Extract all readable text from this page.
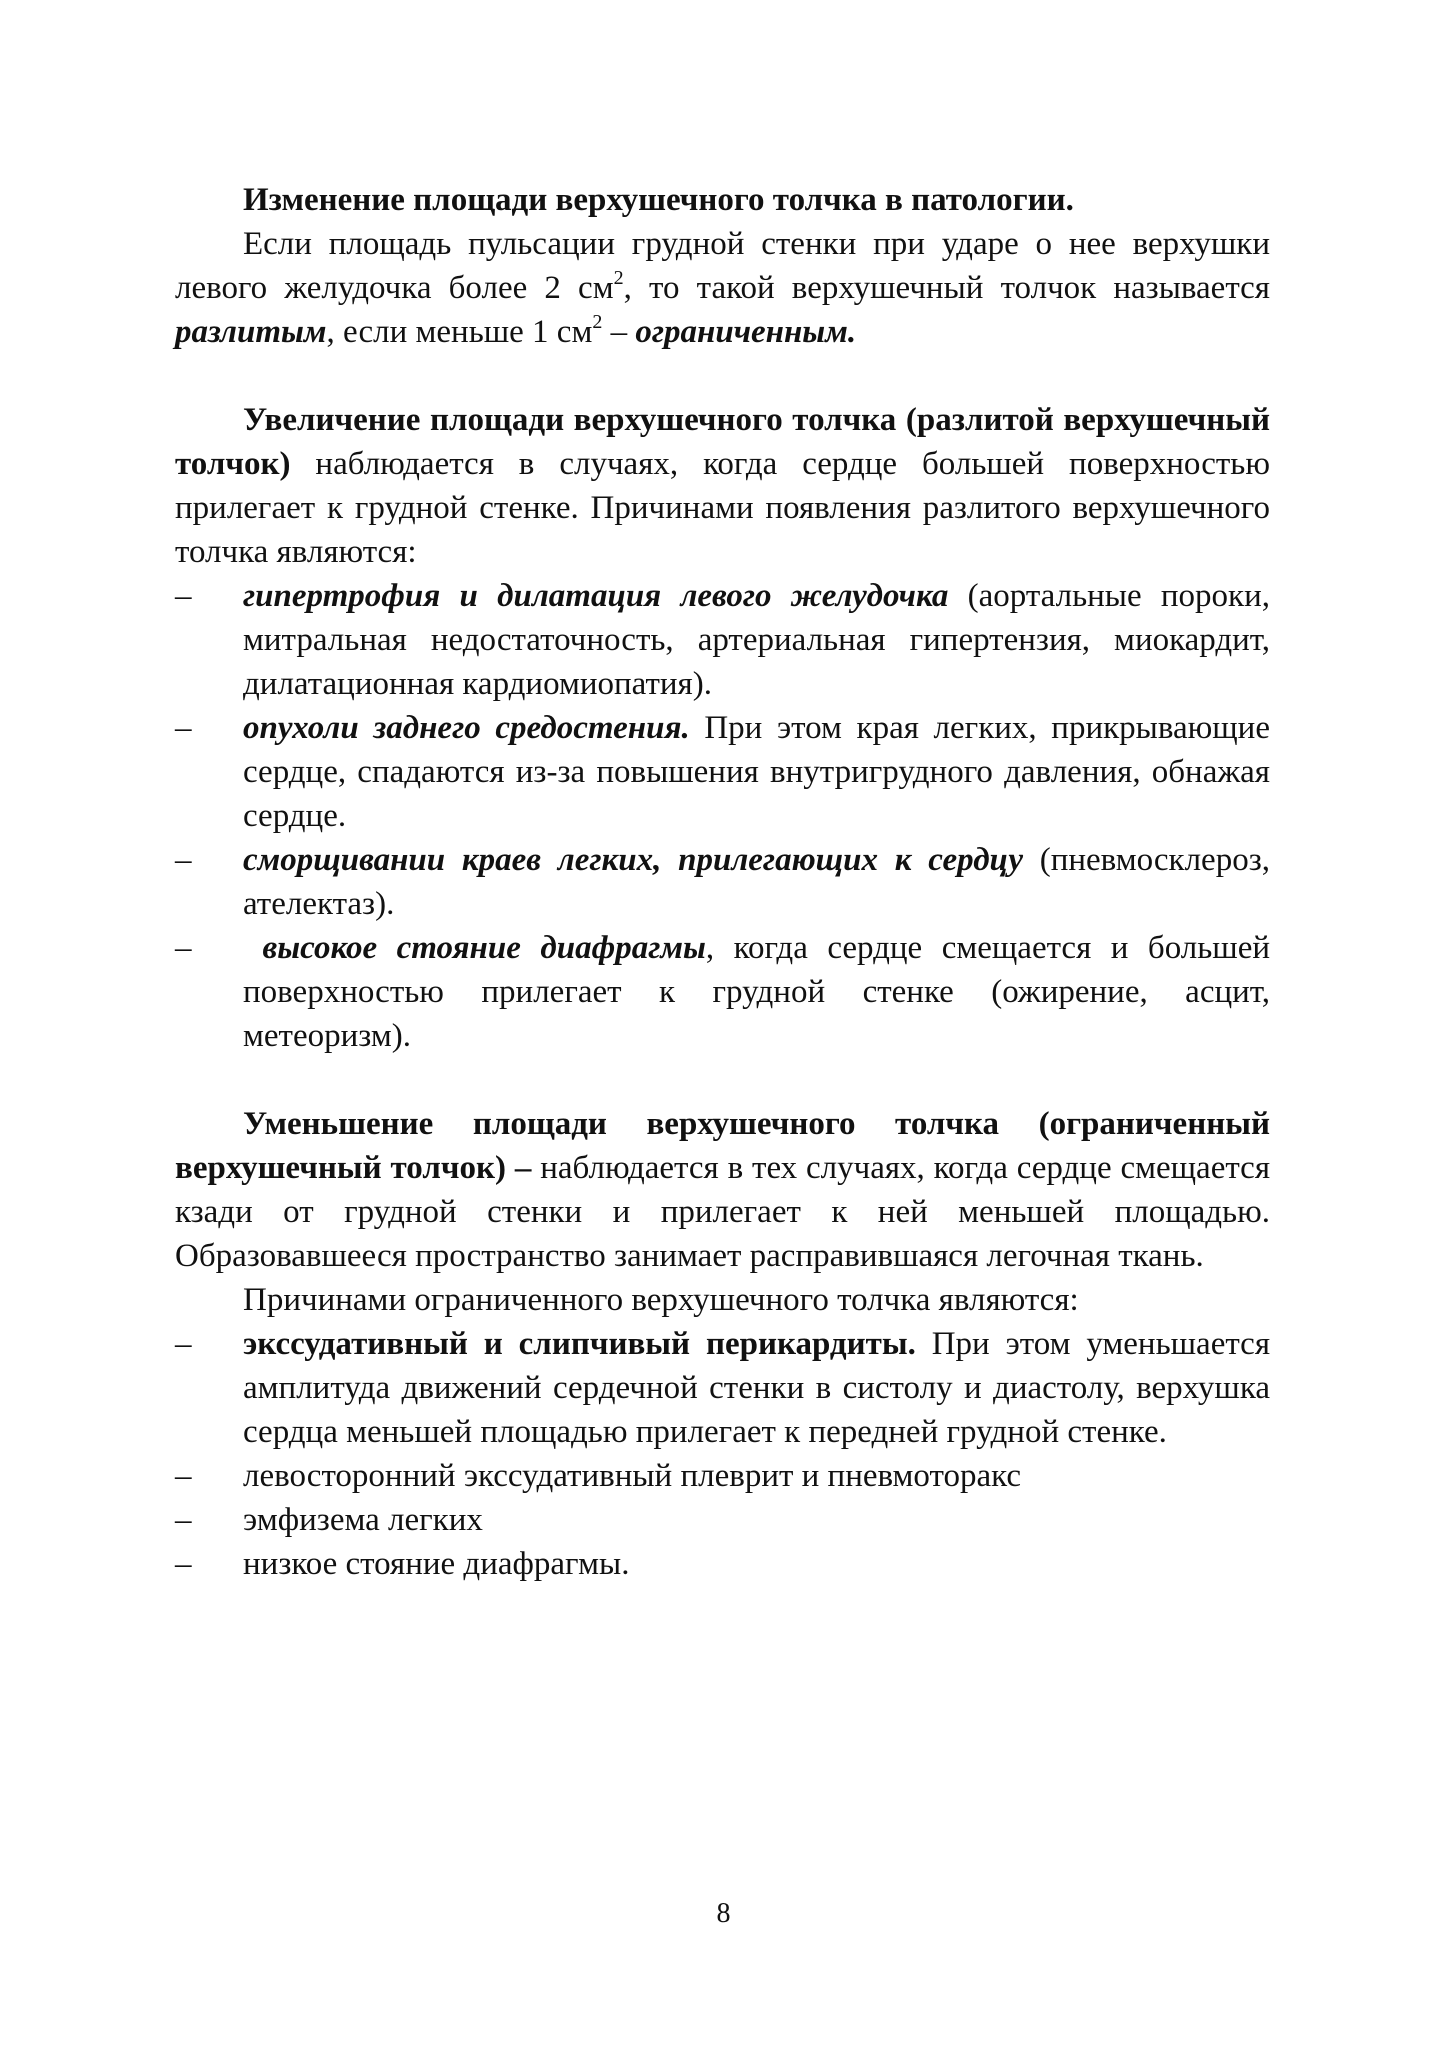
Изменение площади верхушечного толчка в патологии.

Если площадь пульсации грудной стенки при ударе о нее верхушки левого желудочка более 2 $см^2$, то такой верхушечный толчок называется разлитым, если меньше 1 $см^2$ – ограниченным.

Увеличение площади верхушечного толчка (разлитой верхушечный толчок) наблюдается в случаях, когда сердце большей поверхностью прилегает к грудной стенке. Причинами появления разлитого верхушечного толчка являются:

–	гипертрофия и дилатация левого желудочка (аортальные пороки, митральная недостаточность, артериальная гипертензия, миокардит, дилатационная кардиомиопатия).
–	опухоли заднего средостения. При этом края легких, прикрывающие сердце, спадаются из-за повышения внутригрудного давления, обнажая сердце.
–	сморщивании краев легких, прилегающих к сердцу (пневмосклероз, ателектаз).
–	высокое стояние диафрагмы, когда сердце смещается и большей поверхностью прилегает к грудной стенке (ожирение, асцит, метеоризм).

Уменьшение площади верхушечного толчка (ограниченный верхушечный толчок) – наблюдается в тех случаях, когда сердце смещается кзади от грудной стенки и прилегает к ней меньшей площадью. Образовавшееся пространство занимает расправившаяся легочная ткань.

Причинами ограниченного верхушечного толчка являются:

–	экссудативный и слипчивый перикардиты. При этом уменьшается амплитуда движений сердечной стенки в систолу и диастолу, верхушка сердца меньшей площадью прилегает к передней грудной стенке.
–	левосторонний экссудативный плеврит и пневмоторакс
–	эмфизема легких
–	низкое стояние диафрагмы.
8
